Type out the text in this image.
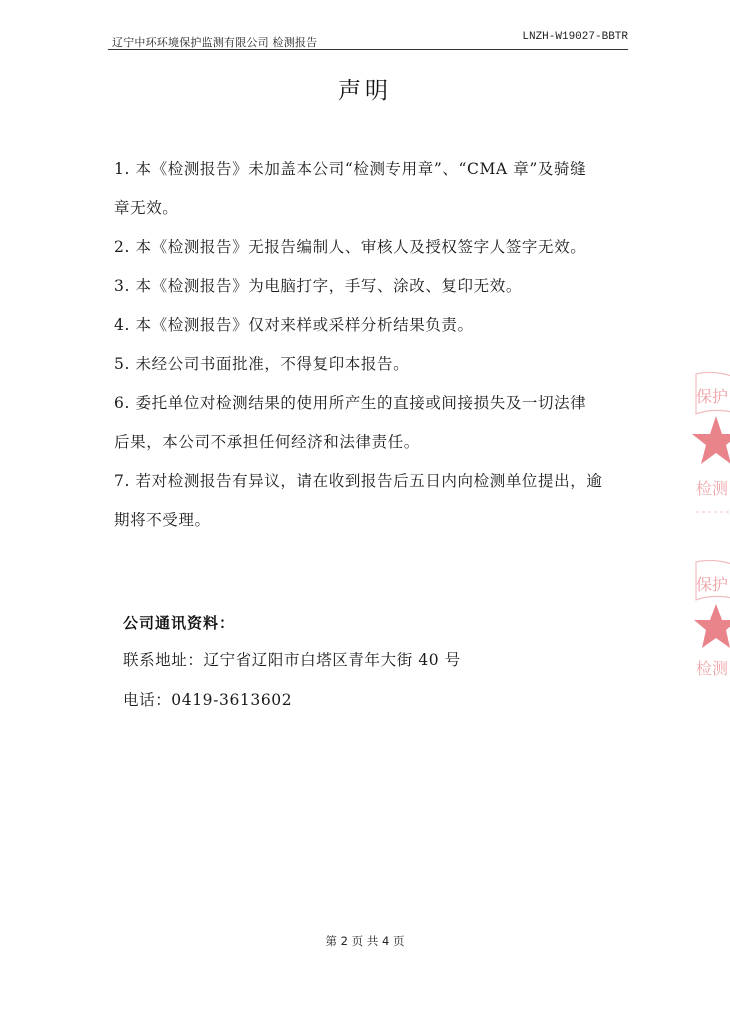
辽宁中环环境保护监测有限公司 检测报告	LNZH-W19027-BBTR
声明

1. 本《检测报告》未加盖本公司“检测专用章”、“CMA 章”及骑缝

章无效。

2. 本《检测报告》无报告编制人、审核人及授权签字人签字无效。

3. 本《检测报告》为电脑打字，手写、涂改、复印无效。

4. 本《检测报告》仅对来样或采样分析结果负责。

5. 未经公司书面批准，不得复印本报告。

6. 委托单位对检测结果的使用所产生的直接或间接损失及一切法律

后果，本公司不承担任何经济和法律责任。

7. 若对检测报告有异议，请在收到报告后五日内向检测单位提出，逾

期将不受理。

公司通讯资料：
联系地址：辽宁省辽阳市白塔区青年大街 40 号
电话：0419-3613602
第 2 页 共 4 页
保护
检测
保护
检测
